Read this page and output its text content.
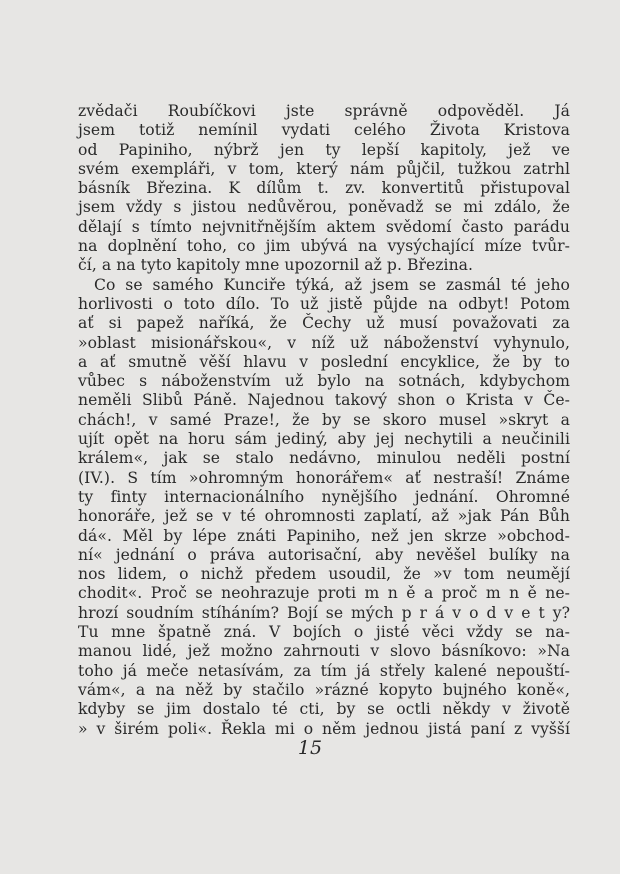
zvědači Roubíčkovi jste správně odpověděl. Já
jsem totiž nemínil vydati celého Života Kristova
od Papiniho, nýbrž jen ty lepší kapitoly, jež ve
svém exempláři, v tom, který nám půjčil, tužkou zatrhl
básník Březina. K dílům t. zv. konvertitů přistupoval
jsem vždy s jistou nedůvěrou, poněvadž se mi zdálo, že
dělají s tímto nejvnitřnějším aktem svědomí často parádu
na doplnění toho, co jim ubývá na vysýchající míze tvůr-
čí, a na tyto kapitoly mne upozornil až p. Březina.
Co se samého Kunciře týká, až jsem se zasmál té jeho
horlivosti o toto dílo. To už jistě půjde na odbyt! Potom
ať si papež naříká, že Čechy už musí považovati za
»oblast misionářskou«, v níž už náboženství vyhynulo,
a ať smutně věší hlavu v poslední encyklice, že by to
vůbec s náboženstvím už bylo na sotnách, kdybychom
neměli Slibů Páně. Najednou takový shon o Krista v Če-
chách!, v samé Praze!, že by se skoro musel »skryt a
ujít opět na horu sám jediný, aby jej nechytili a neučinili
králem«, jak se stalo nedávno, minulou neděli postní
(IV.). S tím »ohromným honorářem« ať nestraší! Známe
ty finty internacionálního nynějšího jednání. Ohromné
honoráře, jež se v té ohromnosti zaplatí, až »jak Pán Bůh
dá«. Měl by lépe znáti Papiniho, než jen skrze »obchod-
ní« jednání o práva autorisační, aby nevěšel bulíky na
nos lidem, o nichž předem usoudil, že »v tom neumějí
chodit«. Proč se neohrazuje proti m n ě a proč m n ě ne-
hrozí soudním stíháním? Bojí se mých p r á v o d v e t y?
Tu mne špatně zná. V bojích o jisté věci vždy se na-
manou lidé, jež možno zahrnouti v slovo básníkovo: »Na
toho já meče netasívám, za tím já střely kalené nepouští-
vám«, a na něž by stačilo »rázné kopyto bujného koně«,
kdyby se jim dostalo té cti, by se octli někdy v životě
» v širém poli«. Řekla mi o něm jednou jistá paní z vyšší
15
